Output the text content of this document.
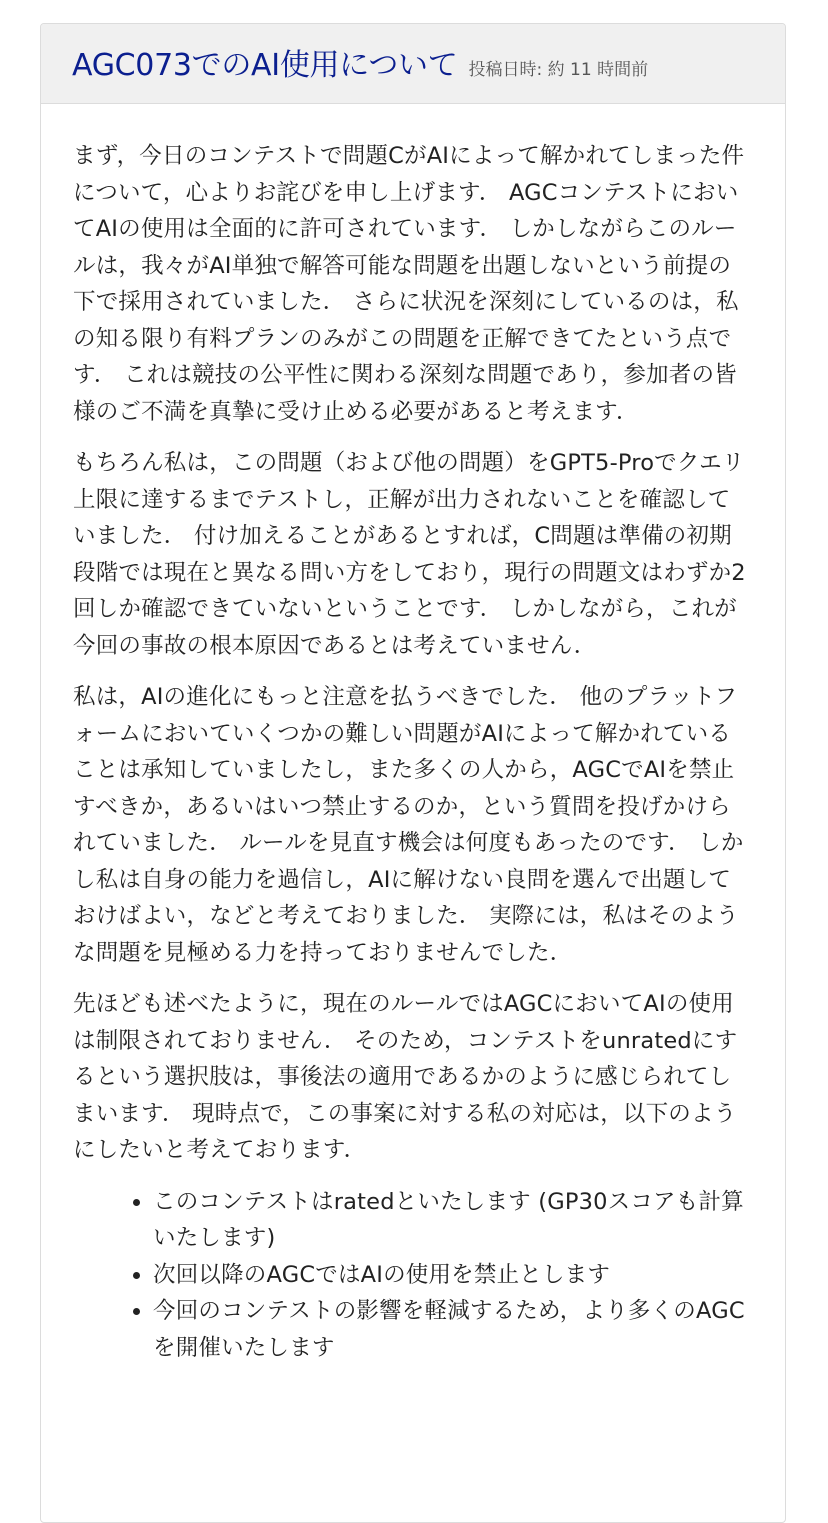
AGC073でのAI使用について 投稿日時: 約 11 時間前

まず，今日のコンテストで問題CがAIによって解かれてしまった件について，心よりお詫びを申し上げます． AGCコンテストにおいてAIの使用は全面的に許可されています． しかしながらこのルールは，我々がAI単独で解答可能な問題を出題しないという前提の下で採用されていました． さらに状況を深刻にしているのは，私の知る限り有料プランのみがこの問題を正解できてたという点です． これは競技の公平性に関わる深刻な問題であり，参加者の皆様のご不満を真摯に受け止める必要があると考えます．

もちろん私は，この問題（および他の問題）をGPT5-Proでクエリ上限に達するまでテストし，正解が出力されないことを確認していました． 付け加えることがあるとすれば，C問題は準備の初期段階では現在と異なる問い方をしており，現行の問題文はわずか2回しか確認できていないということです． しかしながら，これが今回の事故の根本原因であるとは考えていません．

私は，AIの進化にもっと注意を払うべきでした． 他のプラットフォームにおいていくつかの難しい問題がAIによって解かれていることは承知していましたし，また多くの人から，AGCでAIを禁止すべきか，あるいはいつ禁止するのか，という質問を投げかけられていました． ルールを見直す機会は何度もあったのです． しかし私は自身の能力を過信し，AIに解けない良問を選んで出題しておけばよい，などと考えておりました． 実際には，私はそのような問題を見極める力を持っておりませんでした．

先ほども述べたように，現在のルールではAGCにおいてAIの使用は制限されておりません． そのため，コンテストをunratedにするという選択肢は，事後法の適用であるかのように感じられてしまいます． 現時点で，この事案に対する私の対応は，以下のようにしたいと考えております．

• このコンテストはratedといたします (GP30スコアも計算いたします)
• 次回以降のAGCではAIの使用を禁止とします
• 今回のコンテストの影響を軽減するため，より多くのAGCを開催いたします
